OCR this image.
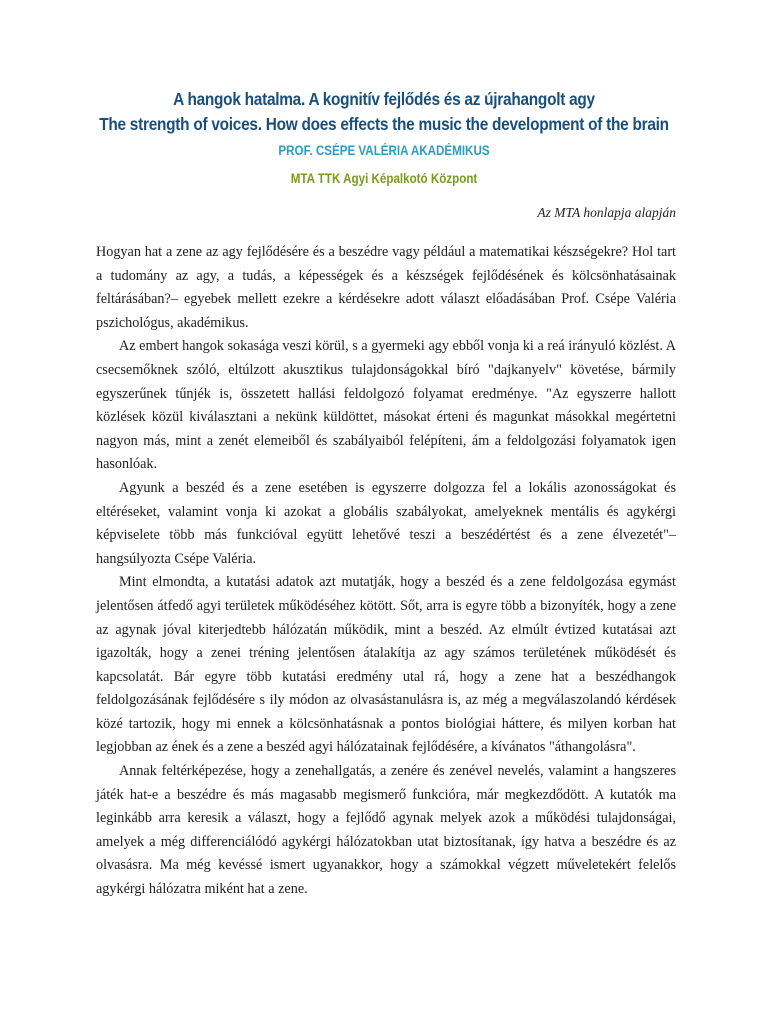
A hangok hatalma. A kognitív fejlődés és az újrahangolt agy
The strength of voices. How does effects the music the development of the brain
PROF. CSÉPE VALÉRIA AKADÉMIKUS
MTA TTK Agyi Képalkotó Központ
Az MTA honlapja alapján

Hogyan hat a zene az agy fejlődésére és a beszédre vagy például a matematikai készségekre? Hol tart a tudomány az agy, a tudás, a képességek és a készségek fejlődésének és kölcsönhatásainak feltárásában?– egyebek mellett ezekre a kérdésekre adott választ előadásában Prof. Csépe Valéria pszichológus, akadémikus.

Az embert hangok sokasága veszi körül, s a gyermeki agy ebből vonja ki a reá irányuló közlést. A csecsemőknek szóló, eltúlzott akusztikus tulajdonságokkal bíró "dajkanyelv" követése, bármily egyszerűnek tűnjék is, összetett hallási feldolgozó folyamat eredménye. "Az egyszerre hallott közlések közül kiválasztani a nekünk küldöttet, másokat érteni és magunkat másokkal megértetni nagyon más, mint a zenét elemeiből és szabályaiból felépíteni, ám a feldolgozási folyamatok igen hasonlóak.

Agyunk a beszéd és a zene esetében is egyszerre dolgozza fel a lokális azonosságokat és eltéréseket, valamint vonja ki azokat a globális szabályokat, amelyeknek mentális és agykérgi képviselete több más funkcióval együtt lehetővé teszi a beszédértést és a zene élvezetét"– hangsúlyozta Csépe Valéria.

Mint elmondta, a kutatási adatok azt mutatják, hogy a beszéd és a zene feldolgozása egymást jelentősen átfedő agyi területek működéséhez kötött. Sőt, arra is egyre több a bizonyíték, hogy a zene az agynak jóval kiterjedtebb hálózatán működik, mint a beszéd. Az elmúlt évtized kutatásai azt igazolták, hogy a zenei tréning jelentősen átalakítja az agy számos területének működését és kapcsolatát. Bár egyre több kutatási eredmény utal rá, hogy a zene hat a beszédhangok feldolgozásának fejlődésére s ily módon az olvasástanulásra is, az még a megválaszolandó kérdések közé tartozik, hogy mi ennek a kölcsönhatásnak a pontos biológiai háttere, és milyen korban hat legjobban az ének és a zene a beszéd agyi hálózatainak fejlődésére, a kívánatos "áthangolásra".

Annak feltérképezése, hogy a zenehallgatás, a zenére és zenével nevelés, valamint a hangszeres játék hat-e a beszédre és más magasabb megismerő funkcióra, már megkezdődött. A kutatók ma leginkább arra keresik a választ, hogy a fejlődő agynak melyek azok a működési tulajdonságai, amelyek a még differenciálódó agykérgi hálózatokban utat biztosítanak, így hatva a beszédre és az olvasásra. Ma még kevéssé ismert ugyanakkor, hogy a számokkal végzett műveletekért felelős agykérgi hálózatra miként hat a zene.
